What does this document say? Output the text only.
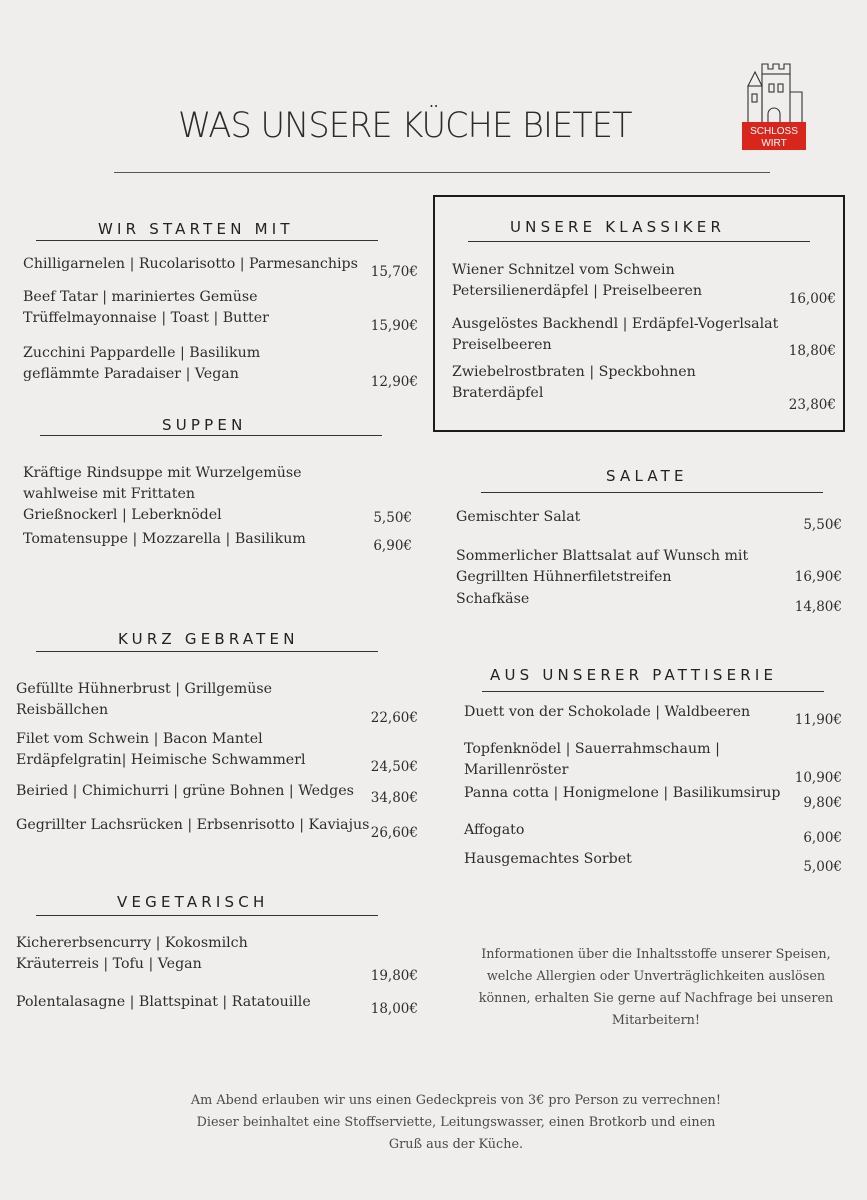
WAS UNSERE KÜCHE BIETET	SCHLOSS
WIRT
WIR STARTEN MIT
Chilligarnelen | Rucolarisotto | Parmesanchips 15,70€
Beef Tatar | mariniertes Gemüse
Trüffelmayonnaise | Toast | Butter	15,90€
Zucchini Pappardelle | Basilikum
geflämmte Paradaiser | Vegan	12,90€
SUPPEN
Kräftige Rindsuppe mit Wurzelgemüse
wahlweise mit Frittaten
Grießnockerl | Leberknödel	5,50€
Tomatensuppe | Mozzarella | Basilikum	6,90€
KURZ GEBRATEN
Gefüllte Hühnerbrust | Grillgemüse
Reisbällchen	22,60€
Filet vom Schwein | Bacon Mantel
Erdäpfelgratin| Heimische Schwammerl	24,50€
Beiried | Chimichurri | grüne Bohnen | Wedges 34,80€
Gegrillter Lachsrücken | Erbsenrisotto | Kaviajus 26,60€
VEGETARISCH
Kichererbsencurry | Kokosmilch
Kräuterreis | Tofu | Vegan
19,80€
Polentalasagne | Blattspinat | Ratatouille	18,00€
UNSERE KLASSIKER
Wiener Schnitzel vom Schwein
Petersilienerdäpfel | Preiselbeeren	16,00€
Ausgelöstes Backhendl | Erdäpfel-Vogerlsalat
Preiselbeeren	18,80€
Zwiebelrostbraten | Speckbohnen
Braterdäpfel
23,80€
SALATE
Gemischter Salat	5,50€
Sommerlicher Blattsalat auf Wunsch mit
Gegrillten Hühnerfiletstreifen	16,90€
Schafkäse	14,80€
AUS UNSERER PATTISERIE
Duett von der Schokolade | Waldbeeren	11,90€
Topfenknödel | Sauerrahmschaum |
Marillenröster	10,90€
Panna cotta | Honigmelone | Basilikumsirup
9,80€
Affogato	6,00€
Hausgemachtes Sorbet	5,00€
Informationen über die Inhaltsstoffe unserer Speisen,
welche Allergien oder Unverträglichkeiten auslösen
können, erhalten Sie gerne auf Nachfrage bei unseren
Mitarbeitern!
Am Abend erlauben wir uns einen Gedeckpreis von 3€ pro Person zu verrechnen!
Dieser beinhaltet eine Stoffserviette, Leitungswasser, einen Brotkorb und einen
Gruß aus der Küche.
